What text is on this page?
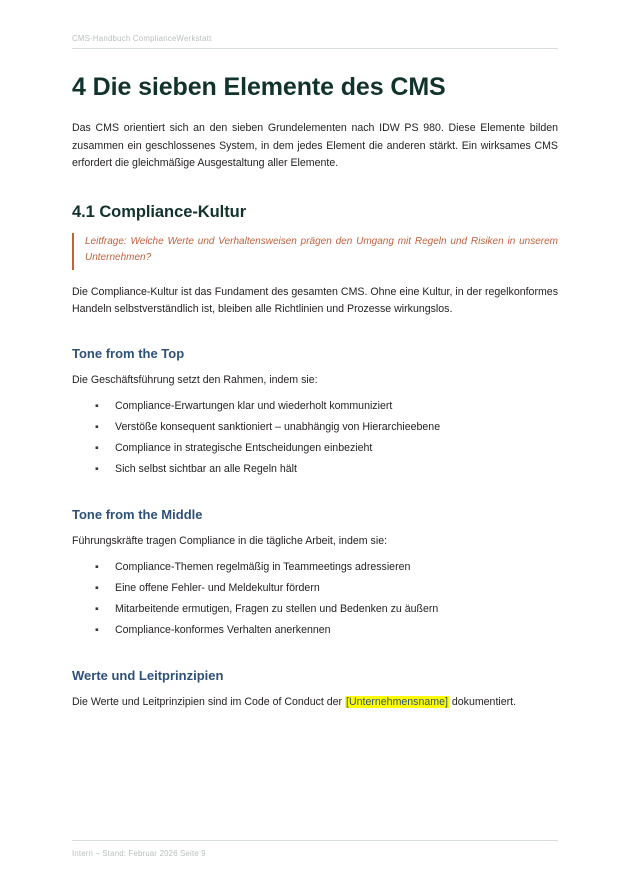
CMS-Handbuch ComplianceWerkstatt
4 Die sieben Elemente des CMS

Das CMS orientiert sich an den sieben Grundelementen nach IDW PS 980. Diese Elemente bilden zusammen ein geschlossenes System, in dem jedes Element die anderen stärkt. Ein wirksames CMS erfordert die gleichmäßige Ausgestaltung aller Elemente.

4.1 Compliance-Kultur

Leitfrage: Welche Werte und Verhaltensweisen prägen den Umgang mit Regeln und Risiken in unserem Unternehmen?

Die Compliance-Kultur ist das Fundament des gesamten CMS. Ohne eine Kultur, in der regelkonformes Handeln selbstverständlich ist, bleiben alle Richtlinien und Prozesse wirkungslos.

Tone from the Top

Die Geschäftsführung setzt den Rahmen, indem sie:

▪ Compliance-Erwartungen klar und wiederholt kommuniziert
▪ Verstöße konsequent sanktioniert – unabhängig von Hierarchieebene
▪ Compliance in strategische Entscheidungen einbezieht
▪ Sich selbst sichtbar an alle Regeln hält
Tone from the Middle

Führungskräfte tragen Compliance in die tägliche Arbeit, indem sie:

▪ Compliance-Themen regelmäßig in Teammeetings adressieren
▪ Eine offene Fehler- und Meldekultur fördern
▪ Mitarbeitende ermutigen, Fragen zu stellen und Bedenken zu äußern
▪ Compliance-konformes Verhalten anerkennen
Werte und Leitprinzipien

Die Werte und Leitprinzipien sind im Code of Conduct der [Unternehmensname] dokumentiert.

Intern – Stand: Februar 2026 Seite 9
